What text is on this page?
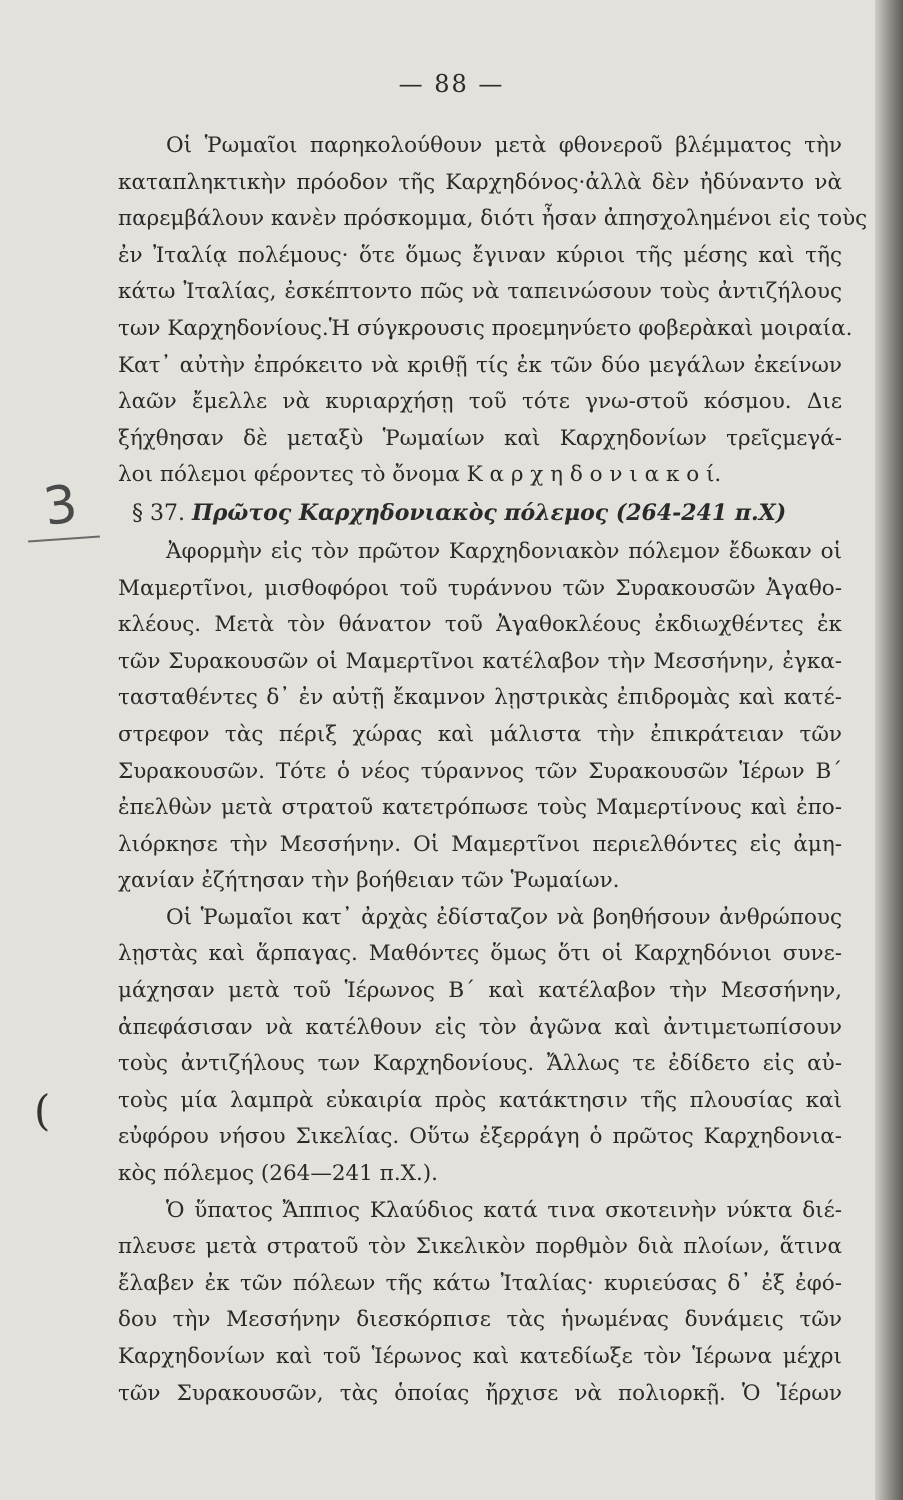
— 88 —
3
(
Οἱ Ῥωμαῖοι παρηκολούθουν μετὰ φθονεροῦ βλέμματος τὴν
καταπληκτικὴν πρόοδον τῆς Καρχηδόνος·ἀλλὰ δὲν ἠδύναντο νὰ
παρεμβάλουν κανὲν πρόσκομμα, διότι ἦσαν ἀπησχολημένοι εἰς τοὺς
ἐν Ἰταλίᾳ πολέμους· ὅτε ὅμως ἔγιναν κύριοι τῆς μέσης καὶ τῆς
κάτω Ἰταλίας, ἐσκέπτοντο πῶς νὰ ταπεινώσουν τοὺς ἀντιζήλους
των Καρχηδονίους.Ἡ σύγκρουσις προεμηνύετο φοβερὰκαὶ μοιραία.
Κατ᾽ αὐτὴν ἐπρόκειτο νὰ κριθῇ τίς ἐκ τῶν δύο μεγάλων ἐκείνων
λαῶν ἔμελλε νὰ κυριαρχήσῃ τοῦ τότε γνω-στοῦ κόσμου. Διε
ξήχθησαν δὲ μεταξὺ Ῥωμαίων καὶ Καρχηδονίων τρεῖςμεγά-
λοι πόλεμοι φέροντες τὸ ὄνομα Κ α ρ χ η δ ο ν ι α κ ο ί.
§ 37. Πρῶτος Καρχηδονιακὸς πόλεμος (264-241 π.Χ)
Ἀφορμὴν εἰς τὸν πρῶτον Καρχηδονιακὸν πόλεμον ἔδωκαν οἱ
Μαμερτῖνοι, μισθοφόροι τοῦ τυράννου τῶν Συρακουσῶν Ἀγαθο-
κλέους. Μετὰ τὸν θάνατον τοῦ Ἀγαθοκλέους ἐκδιωχθέντες ἐκ
τῶν Συρακουσῶν οἱ Μαμερτῖνοι κατέλαβον τὴν Μεσσήνην, ἐγκα-
τασταθέντες δ᾽ ἐν αὐτῇ ἔκαμνον λῃστρικὰς ἐπιδρομὰς καὶ κατέ-
στρεφον τὰς πέριξ χώρας καὶ μάλιστα τὴν ἐπικράτειαν τῶν
Συρακουσῶν. Τότε ὁ νέος τύραννος τῶν Συρακουσῶν Ἱέρων Β΄
ἐπελθὼν μετὰ στρατοῦ κατετρόπωσε τοὺς Μαμερτίνους καὶ ἐπο-
λιόρκησε τὴν Μεσσήνην. Οἱ Μαμερτῖνοι περιελθόντες εἰς ἀμη-
χανίαν ἐζήτησαν τὴν βοήθειαν τῶν Ῥωμαίων.
Οἱ Ῥωμαῖοι κατ᾽ ἀρχὰς ἐδίσταζον νὰ βοηθήσουν ἀνθρώπους
λῃστὰς καὶ ἅρπαγας. Μαθόντες ὅμως ὅτι οἱ Καρχηδόνιοι συνε-
μάχησαν μετὰ τοῦ Ἱέρωνος Β΄ καὶ κατέλαβον τὴν Μεσσήνην,
ἀπεφάσισαν νὰ κατέλθουν εἰς τὸν ἀγῶνα καὶ ἀντιμετωπίσουν
τοὺς ἀντιζήλους των Καρχηδονίους. Ἄλλως τε ἐδίδετο εἰς αὐ-
τοὺς μία λαμπρὰ εὐκαιρία πρὸς κατάκτησιν τῆς πλουσίας καὶ
εὐφόρου νήσου Σικελίας. Οὕτω ἐξερράγη ὁ πρῶτος Καρχηδονια-
κὸς πόλεμος (264—241 π.Χ.).
Ὁ ὕπατος Ἄππιος Κλαύδιος κατά τινα σκοτεινὴν νύκτα διέ-
πλευσε μετὰ στρατοῦ τὸν Σικελικὸν πορθμὸν διὰ πλοίων, ἅτινα
ἔλαβεν ἐκ τῶν πόλεων τῆς κάτω Ἰταλίας· κυριεύσας δ᾽ ἐξ ἐφό-
δου τὴν Μεσσήνην διεσκόρπισε τὰς ἡνωμένας δυνάμεις τῶν
Καρχηδονίων καὶ τοῦ Ἱέρωνος καὶ κατεδίωξε τὸν Ἱέρωνα μέχρι
τῶν Συρακουσῶν, τὰς ὁποίας ἤρχισε νὰ πολιορκῇ. Ὁ Ἱέρων
